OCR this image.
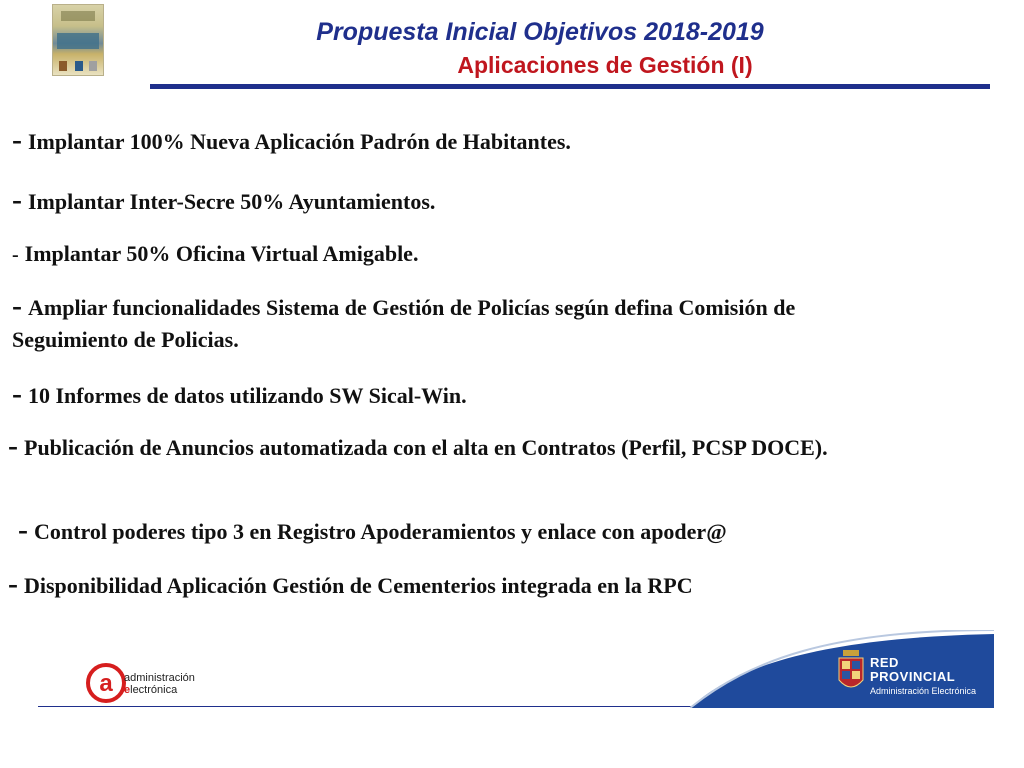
Propuesta Inicial Objetivos 2018-2019
Aplicaciones de Gestión (I)

- Implantar 100% Nueva Aplicación Padrón de Habitantes.

- Implantar Inter-Secre 50% Ayuntamientos.

- Implantar 50% Oficina Virtual Amigable.

- Ampliar funcionalidades Sistema de Gestión de Policías según defina Comisión de Seguimiento de Policias.

- 10 Informes de datos utilizando SW Sical-Win.

- Publicación de Anuncios automatizada con el alta en Contratos (Perfil, PCSP DOCE).

- Control poderes tipo 3 en Registro Apoderamientos y enlace con apoder@

- Disponibilidad Aplicación Gestión de Cementerios integrada en la RPC

a administración
electrónica
RED
PROVINCIAL
Administración Electrónica
